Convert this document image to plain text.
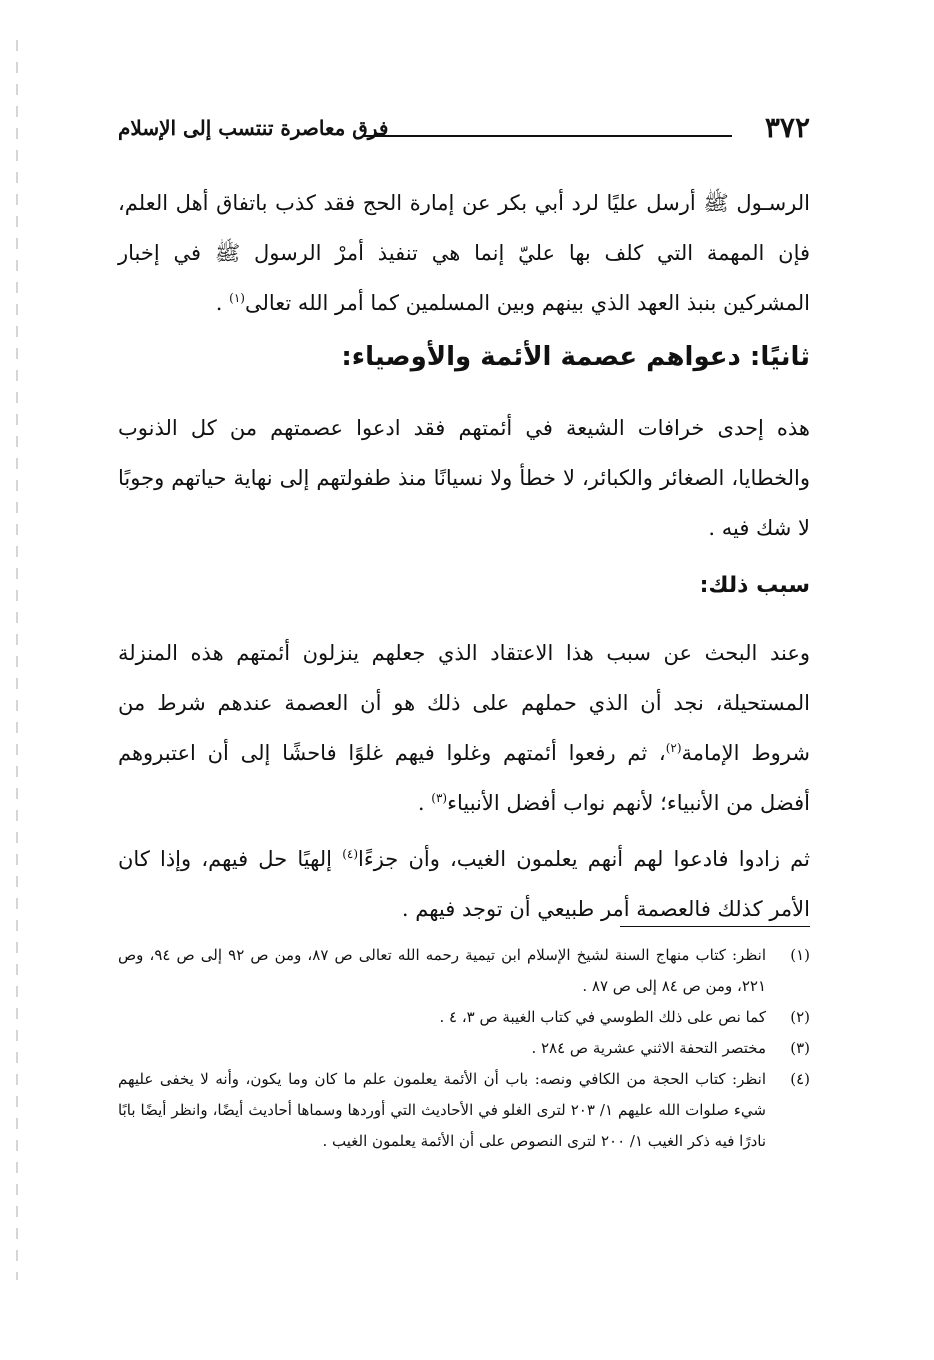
٣٧٢
فرق معاصرة تنتسب إلى الإسلام

الرسـول ﷺ أرسل عليًا لرد أبي بكر عن إمارة الحج فقد كذب باتفاق أهل العلم، فإن المهمة التي كلف بها عليّ إنما هي تنفيذ أمرْ الرسول ﷺ في إخبار المشركين بنبذ العهد الذي بينهم وبين المسلمين كما أمر الله تعالى$^{(١)}$ .

ثانيًا: دعواهم عصمة الأئمة والأوصياء:

هذه إحدى خرافات الشيعة في أئمتهم فقد ادعوا عصمتهم من كل الذنوب والخطايا، الصغائر والكبائر، لا خطأ ولا نسيانًا منذ طفولتهم إلى نهاية حياتهم وجوبًا لا شك فيه .

سبب ذلك:

وعند البحث عن سبب هذا الاعتقاد الذي جعلهم ينزلون أئمتهم هذه المنزلة المستحيلة، نجد أن الذي حملهم على ذلك هو أن العصمة عندهم شرط من شروط الإمامة$^{(٢)}$، ثم رفعوا أئمتهم وغلوا فيهم غلوًا فاحشًا إلى أن اعتبروهم أفضل من الأنبياء؛ لأنهم نواب أفضل الأنبياء$^{(٣)}$ .

ثم زادوا فادعوا لهم أنهم يعلمون الغيب، وأن جزءًا$^{(٤)}$ إلهيًا حل فيهم، وإذا كان الأمر كذلك فالعصمة أمر طبيعي أن توجد فيهم .

(١)
انظر: كتاب منهاج السنة لشيخ الإسلام ابن تيمية رحمه الله تعالى ص ٨٧، ومن ص ٩٢ إلى ص ٩٤، وص ٢٢١، ومن ص ٨٤ إلى ص ٨٧ .
(٢)
كما نص على ذلك الطوسي في كتاب الغيبة ص ٣، ٤ .
(٣)
مختصر التحفة الاثني عشرية ص ٢٨٤ .
(٤)
انظر: كتاب الحجة من الكافي ونصه: باب أن الأئمة يعلمون علم ما كان وما يكون، وأنه لا يخفى عليهم شيء صلوات الله عليهم ١/ ٢٠٣ لترى الغلو في الأحاديث التي أوردها وسماها أحاديث أيضًا، وانظر أيضًا بابًا نادرًا فيه ذكر الغيب ١/ ٢٠٠ لترى النصوص على أن الأئمة يعلمون الغيب .
